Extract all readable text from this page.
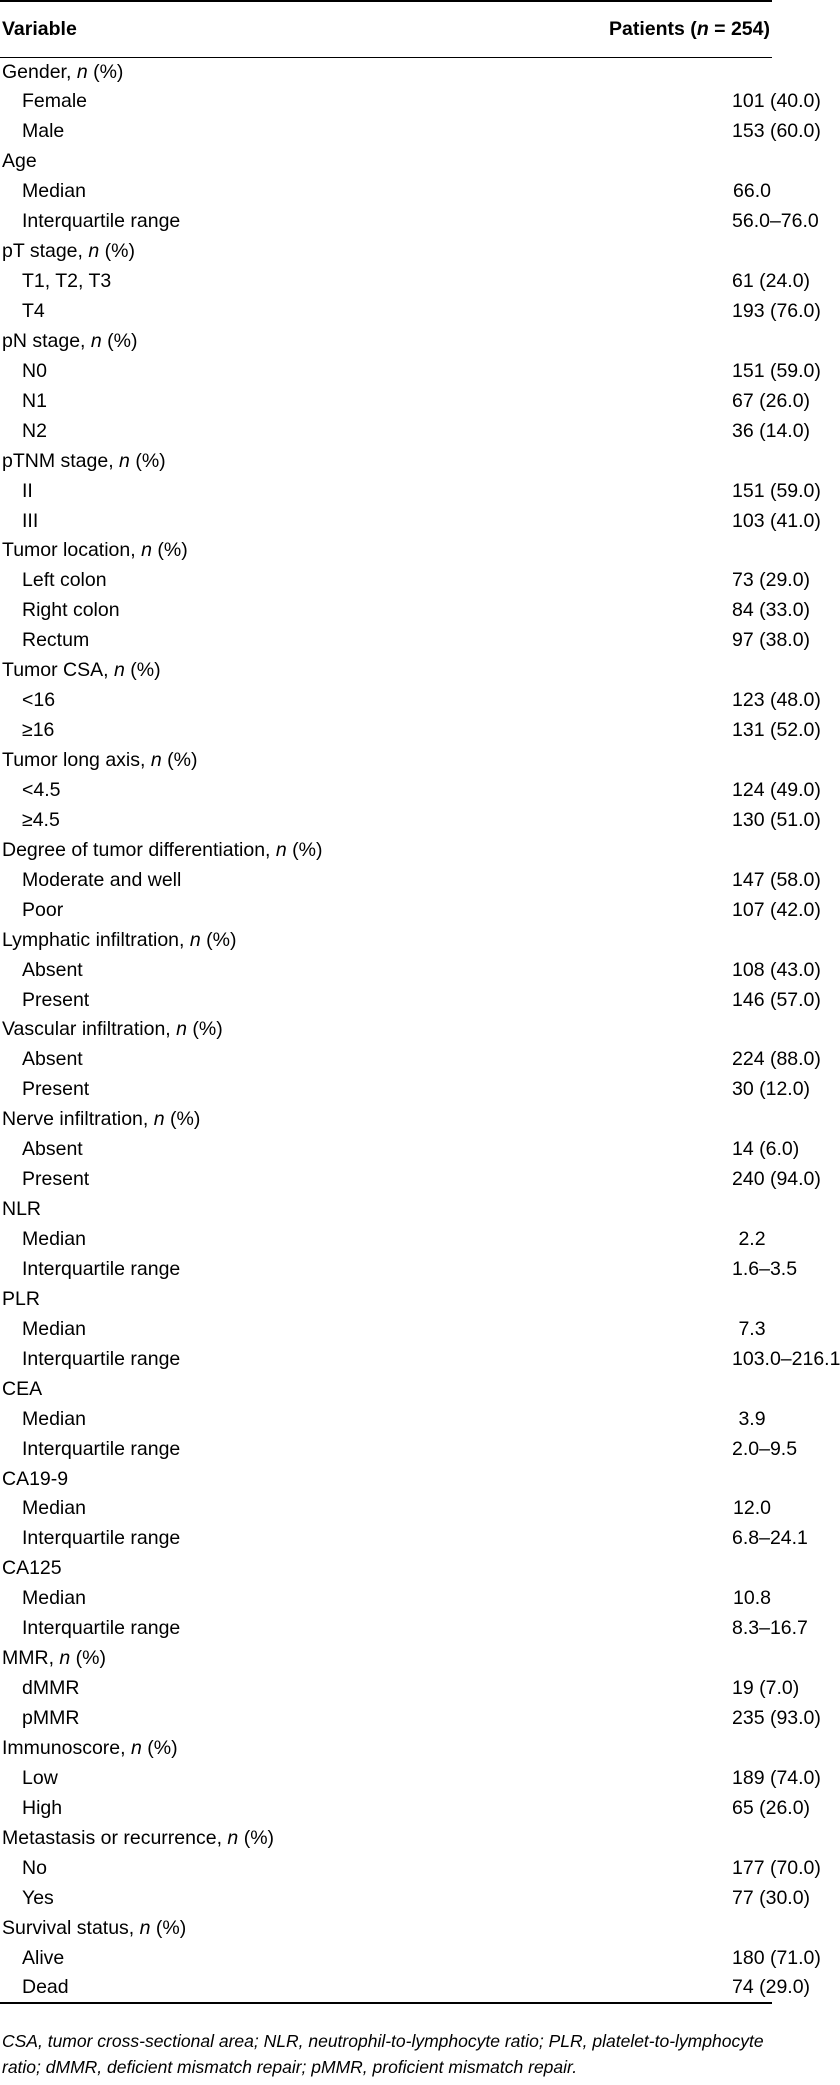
Variable	Patients (n = 254)
Gender, n (%)	
Female	101 (40.0)
Male	153 (60.0)
Age	
Median	66.0
Interquartile range	56.0–76.0
pT stage, n (%)	
T1, T2, T3	61 (24.0)
T4	193 (76.0)
pN stage, n (%)	
N0	151 (59.0)
N1	67 (26.0)
N2	36 (14.0)
pTNM stage, n (%)	
II	151 (59.0)
III	103 (41.0)
Tumor location, n (%)	
Left colon	73 (29.0)
Right colon	84 (33.0)
Rectum	97 (38.0)
Tumor CSA, n (%)	
<16	123 (48.0)
≥16	131 (52.0)
Tumor long axis, n (%)	
<4.5	124 (49.0)
≥4.5	130 (51.0)
Degree of tumor differentiation, n (%)	
Moderate and well	147 (58.0)
Poor	107 (42.0)
Lymphatic infiltration, n (%)	
Absent	108 (43.0)
Present	146 (57.0)
Vascular infiltration, n (%)	
Absent	224 (88.0)
Present	30 (12.0)
Nerve infiltration, n (%)	
Absent	14 (6.0)
Present	240 (94.0)
NLR	
Median	2.2
Interquartile range	1.6–3.5
PLR	
Median	7.3
Interquartile range	103.0–216.1
CEA	
Median	3.9
Interquartile range	2.0–9.5
CA19-9	
Median	12.0
Interquartile range	6.8–24.1
CA125	
Median	10.8
Interquartile range	8.3–16.7
MMR, n (%)	
dMMR	19 (7.0)
pMMR	235 (93.0)
Immunoscore, n (%)	
Low	189 (74.0)
High	65 (26.0)
Metastasis or recurrence, n (%)	
No	177 (70.0)
Yes	77 (30.0)
Survival status, n (%)	
Alive	180 (71.0)
Dead	74 (29.0)
CSA, tumor cross-sectional area; NLR, neutrophil-to-lymphocyte ratio; PLR, platelet-to-lymphocyte ratio; dMMR, deficient mismatch repair; pMMR, proficient mismatch repair.
